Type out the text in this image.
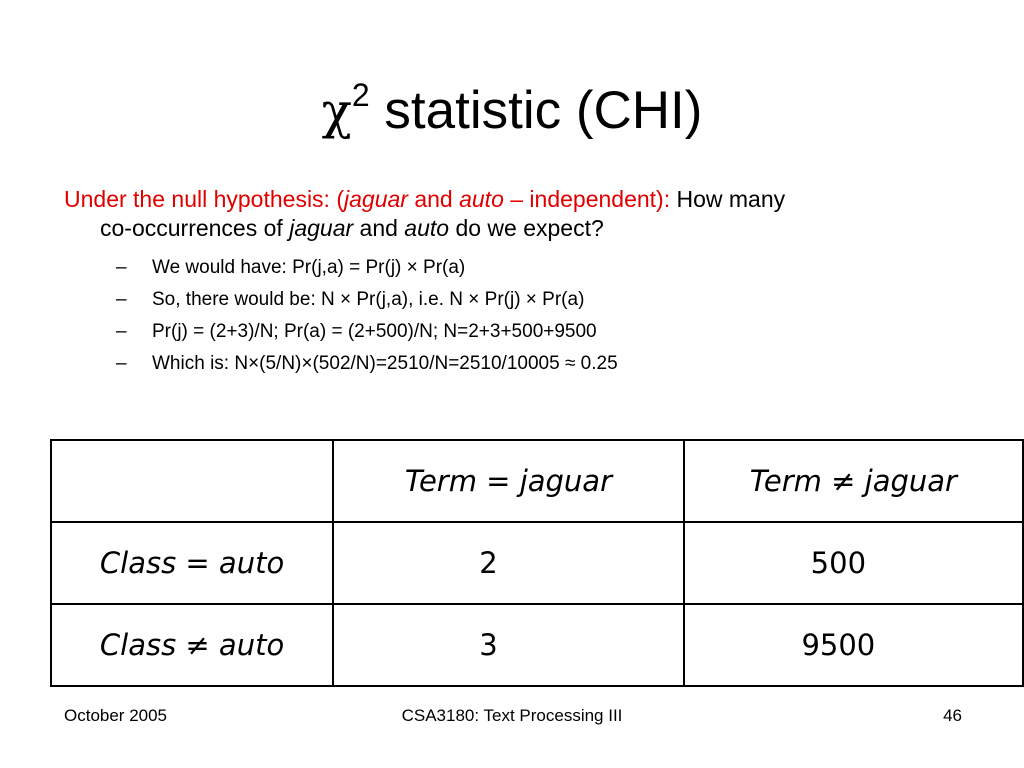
$\chi^2$ statistic (CHI)
Under the null hypothesis: (jaguar and auto – independent): How many
co-occurrences of jaguar and auto do we expect?
– We would have: Pr(j,a) = Pr(j) × Pr(a)
– So, there would be: N × Pr(j,a), i.e. N × Pr(j) × Pr(a)
– Pr(j) = (2+3)/N; Pr(a) = (2+500)/N; N=2+3+500+9500
– Which is: N×(5/N)×(502/N)=2510/N=2510/10005 ≈ 0.25
	Term = jaguar	Term ≠ jaguar
Class = auto	2	500
Class ≠ auto	3	9500
October 2005	CSA3180: Text Processing III	46
